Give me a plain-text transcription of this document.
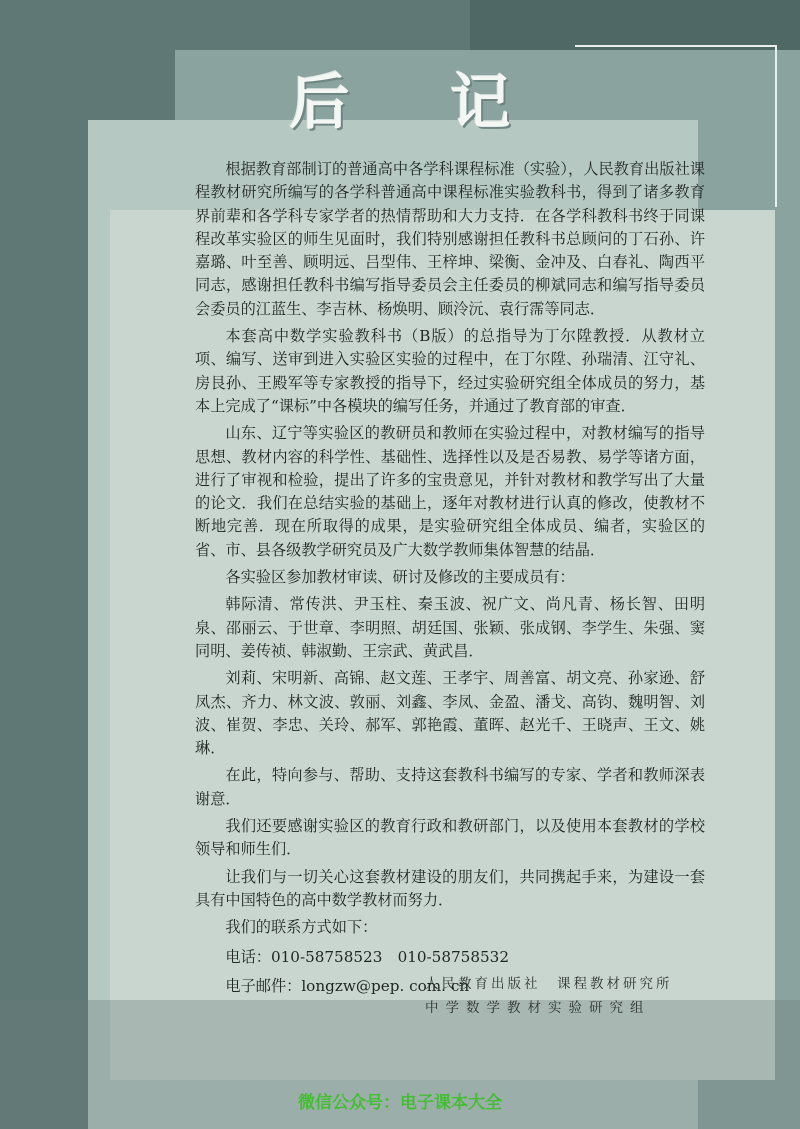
后 记

根据教育部制订的普通高中各学科课程标准（实验），人民教育出版社课程教材研究所编写的各学科普通高中课程标准实验教科书，得到了诸多教育界前辈和各学科专家学者的热情帮助和大力支持．在各学科教科书终于同课程改革实验区的师生见面时，我们特别感谢担任教科书总顾问的丁石孙、许嘉璐、叶至善、顾明远、吕型伟、王梓坤、梁衡、金冲及、白春礼、陶西平同志，感谢担任教科书编写指导委员会主任委员的柳斌同志和编写指导委员会委员的江蓝生、李吉林、杨焕明、顾泠沅、袁行霈等同志．

本套高中数学实验教科书（B版）的总指导为丁尔陞教授．从教材立项、编写、送审到进入实验区实验的过程中，在丁尔陞、孙瑞清、江守礼、房艮孙、王殿军等专家教授的指导下，经过实验研究组全体成员的努力，基本上完成了“课标”中各模块的编写任务，并通过了教育部的审查．

山东、辽宁等实验区的教研员和教师在实验过程中，对教材编写的指导思想、教材内容的科学性、基础性、选择性以及是否易教、易学等诸方面，进行了审视和检验，提出了许多的宝贵意见，并针对教材和教学写出了大量的论文．我们在总结实验的基础上，逐年对教材进行认真的修改，使教材不断地完善．现在所取得的成果，是实验研究组全体成员、编者，实验区的省、市、县各级教学研究员及广大数学教师集体智慧的结晶．

各实验区参加教材审读、研讨及修改的主要成员有：

韩际清、常传洪、尹玉柱、秦玉波、祝广文、尚凡青、杨长智、田明泉、邵丽云、于世章、李明照、胡廷国、张颖、张成钢、李学生、朱强、窦同明、姜传祯、韩淑勤、王宗武、黄武昌．

刘莉、宋明新、高锦、赵文莲、王孝宇、周善富、胡文亮、孙家逊、舒凤杰、齐力、林文波、敦丽、刘鑫、李凤、金盈、潘戈、高钧、魏明智、刘波、崔贺、李忠、关玲、郝军、郭艳霞、董晖、赵光千、王晓声、王文、姚琳．

在此，特向参与、帮助、支持这套教科书编写的专家、学者和教师深表谢意．

我们还要感谢实验区的教育行政和教研部门，以及使用本套教材的学校领导和师生们．

让我们与一切关心这套教材建设的朋友们，共同携起手来，为建设一套具有中国特色的高中数学教材而努力．

我们的联系方式如下：

电话：010-58758523　010-58758532

电子邮件：longzw@pep. com. cn

人民教育出版社　课程教材研究所
中学数学教材实验研究组
微信公众号：电子课本大全
